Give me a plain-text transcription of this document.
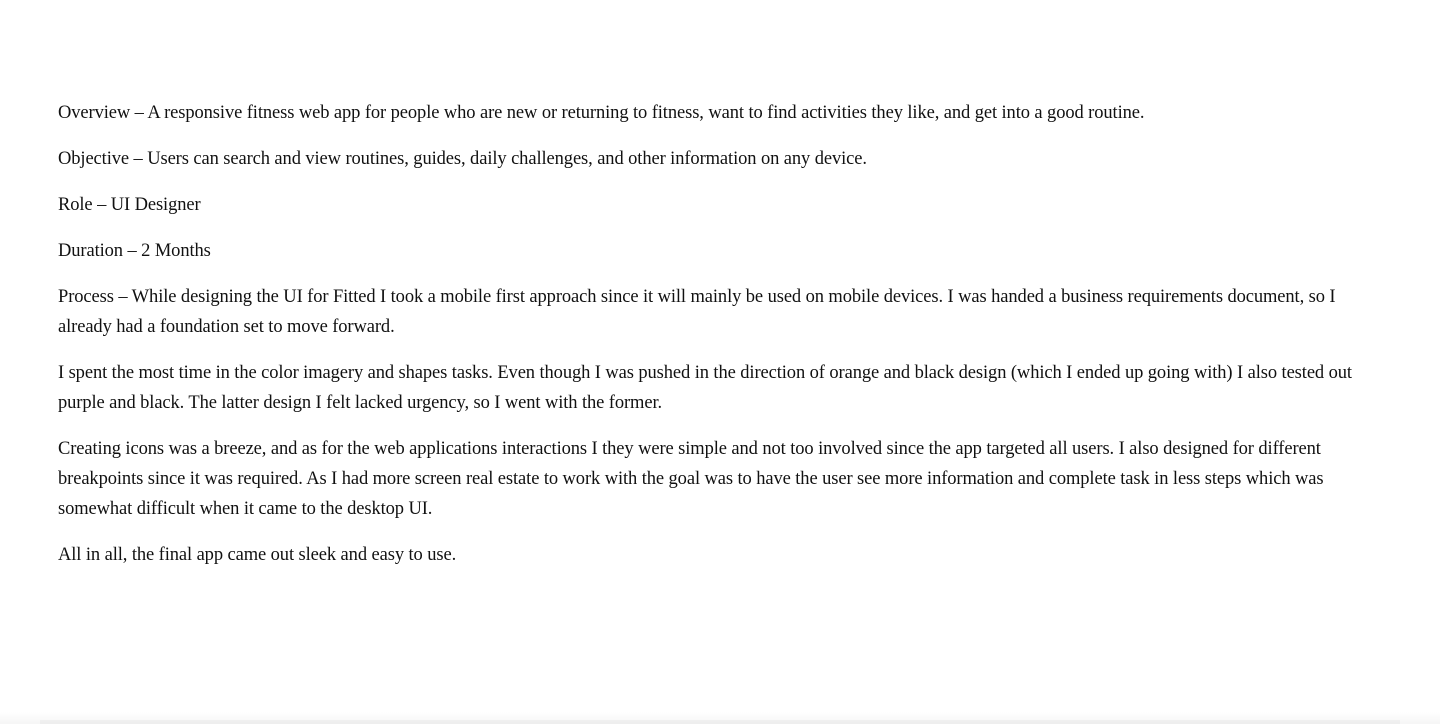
Overview – A responsive fitness web app for people who are new or returning to fitness, want to find activities they like, and get into a good routine.

Objective – Users can search and view routines, guides, daily challenges, and other information on any device.

Role – UI Designer

Duration – 2 Months

Process – While designing the UI for Fitted I took a mobile first approach since it will mainly be used on mobile devices. I was handed a business requirements document, so I already had a foundation set to move forward.

I spent the most time in the color imagery and shapes tasks. Even though I was pushed in the direction of orange and black design (which I ended up going with) I also tested out purple and black. The latter design I felt lacked urgency, so I went with the former.

Creating icons was a breeze, and as for the web applications interactions I they were simple and not too involved since the app targeted all users. I also designed for different breakpoints since it was required. As I had more screen real estate to work with the goal was to have the user see more information and complete task in less steps which was somewhat difficult when it came to the desktop UI.

All in all, the final app came out sleek and easy to use.
